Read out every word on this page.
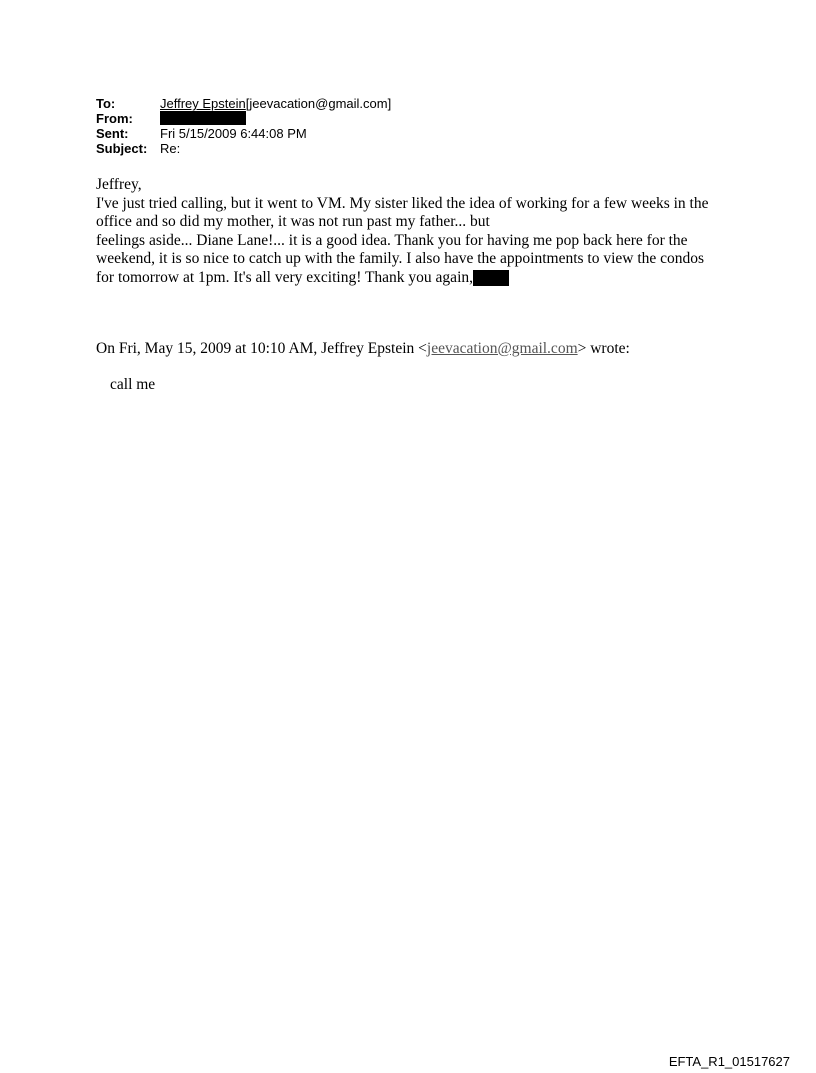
To:	Jeffrey Epstein[jeevacation@gmail.com]
From:
Sent:	Fri 5/15/2009 6:44:08 PM
Subject: Re:

Jeffrey,

I've just tried calling, but it went to VM. My sister liked the idea of working for a few weeks in the office and so did my mother, it was not run past my father... but

feelings aside... Diane Lane!... it is a good idea. Thank you for having me pop back here for the weekend, it is so nice to catch up with the family. I also have the appointments to view the condos for tomorrow at 1pm. It's all very exciting! Thank you again,

On Fri, May 15, 2009 at 10:10 AM, Jeffrey Epstein <jeevacation@gmail.com> wrote:
call me
EFTA_R1_01517627
